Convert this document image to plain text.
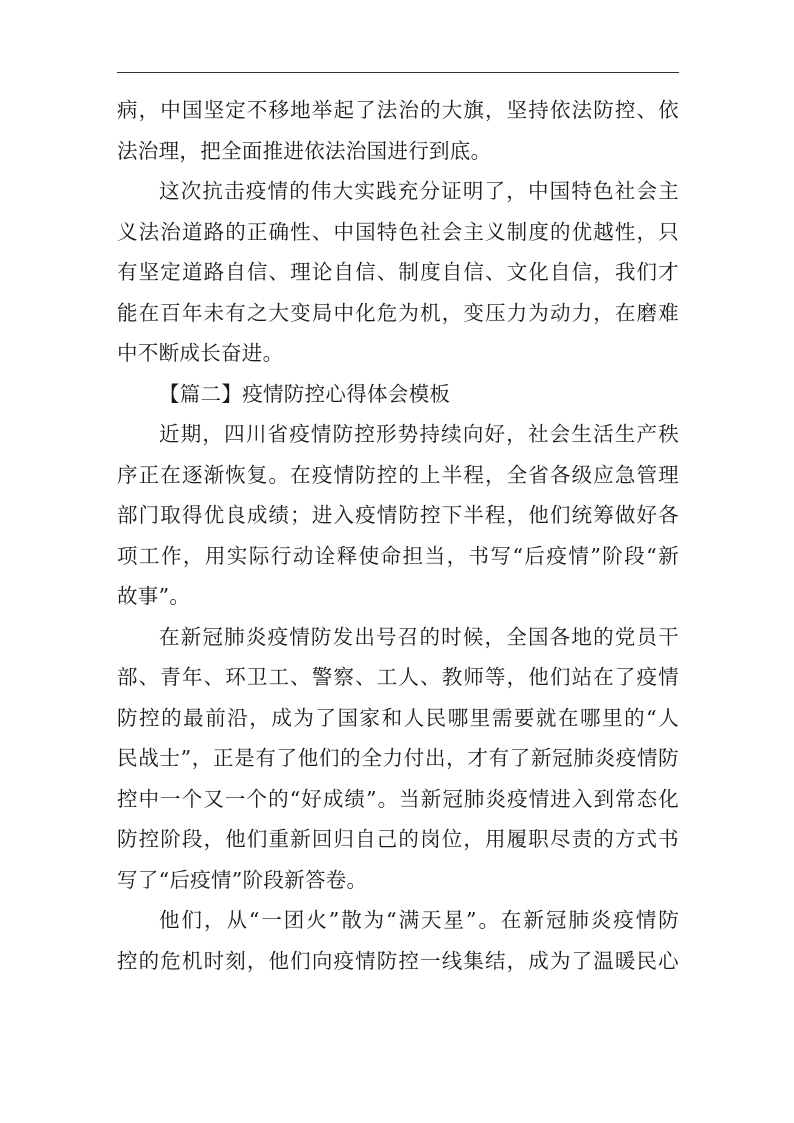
病，中国坚定不移地举起了法治的大旗，坚持依法防控、依
法治理，把全面推进依法治国进行到底。
这次抗击疫情的伟大实践充分证明了，中国特色社会主
义法治道路的正确性、中国特色社会主义制度的优越性，只
有坚定道路自信、理论自信、制度自信、文化自信，我们才
能在百年未有之大变局中化危为机，变压力为动力，在磨难
中不断成长奋进。
【篇二】疫情防控心得体会模板
近期，四川省疫情防控形势持续向好，社会生活生产秩
序正在逐渐恢复。在疫情防控的上半程，全省各级应急管理
部门取得优良成绩；进入疫情防控下半程，他们统筹做好各
项工作，用实际行动诠释使命担当，书写“后疫情”阶段“新
故事”。
在新冠肺炎疫情防发出号召的时候，全国各地的党员干
部、青年、环卫工、警察、工人、教师等，他们站在了疫情
防控的最前沿，成为了国家和人民哪里需要就在哪里的“人
民战士”，正是有了他们的全力付出，才有了新冠肺炎疫情防
控中一个又一个的“好成绩”。当新冠肺炎疫情进入到常态化
防控阶段，他们重新回归自己的岗位，用履职尽责的方式书
写了“后疫情”阶段新答卷。
他们，从“一团火”散为“满天星”。在新冠肺炎疫情防
控的危机时刻，他们向疫情防控一线集结，成为了温暖民心
